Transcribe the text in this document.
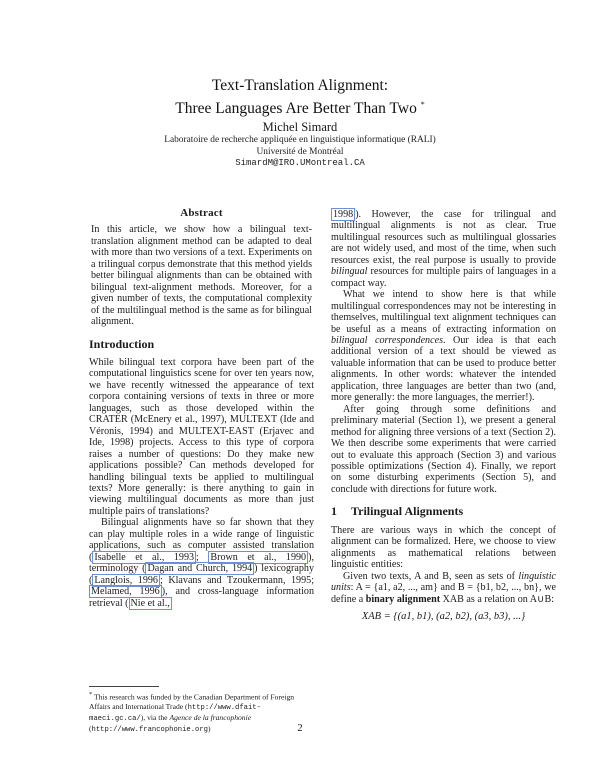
Text-Translation Alignment:
Three Languages Are Better Than Two *
Michel Simard
Laboratoire de recherche appliquée en linguistique informatique (RALI)
Université de Montréal
SimardM@IRO.UMontreal.CA
Abstract

In this article, we show how a bilingual text-translation alignment method can be adapted to deal with more than two versions of a text. Experiments on a trilingual corpus demonstrate that this method yields better bilingual alignments than can be obtained with bilingual text-alignment methods. Moreover, for a given number of texts, the computational complexity of the multilingual method is the same as for bilingual alignment.

Introduction

While bilingual text corpora have been part of the computational linguistics scene for over ten years now, we have recently witnessed the appearance of text corpora containing versions of texts in three or more languages, such as those developed within the CRATER (McEnery et al., 1997), MULTEXT (Ide and Véronis, 1994) and MULTEXT-EAST (Erjavec and Ide, 1998) projects. Access to this type of corpora raises a number of questions: Do they make new applications possible? Can methods developed for handling bilingual texts be applied to multilingual texts? More generally: is there anything to gain in viewing multilingual documents as more than just multiple pairs of translations?

Bilingual alignments have so far shown that they can play multiple roles in a wide range of linguistic applications, such as computer assisted translation ( Isabelle et al., 1993 ; Brown et al., 1990 ), terminology ( Dagan and Church, 1994 ) lexicography ( Langlois, 1996 ; Klavans and Tzoukermann, 1995; Melamed, 1996 ), and cross-language information retrieval ( Nie et al.,

* This research was funded by the Canadian Department of Foreign Affairs and International Trade (http://www.dfait-maeci.gc.ca/), via the Agence de la francophonie (http://www.francophonie.org)

1998 ). However, the case for trilingual and multilingual alignments is not as clear. True multilingual resources such as multilingual glossaries are not widely used, and most of the time, when such resources exist, the real purpose is usually to provide bilingual resources for multiple pairs of languages in a compact way.

What we intend to show here is that while multilingual correspondences may not be interesting in themselves, multilingual text alignment techniques can be useful as a means of extracting information on bilingual correspondences. Our idea is that each additional version of a text should be viewed as valuable information that can be used to produce better alignments. In other words: whatever the intended application, three languages are better than two (and, more generally: the more languages, the merrier!).

After going through some definitions and preliminary material (Section 1), we present a general method for aligning three versions of a text (Section 2). We then describe some experiments that were carried out to evaluate this approach (Section 3) and various possible optimizations (Section 4). Finally, we report on some disturbing experiments (Section 5), and conclude with directions for future work.

1 Trilingual Alignments

There are various ways in which the concept of alignment can be formalized. Here, we choose to view alignments as mathematical relations between linguistic entities:

Given two texts, A and B, seen as sets of linguistic units: A = {a1, a2, ..., am} and B = {b1, b2, ..., bn}, we define a binary alignment XAB as a relation on A∪B:

XAB = {(a1, b1), (a2, b2), (a3, b3), ...}
2
